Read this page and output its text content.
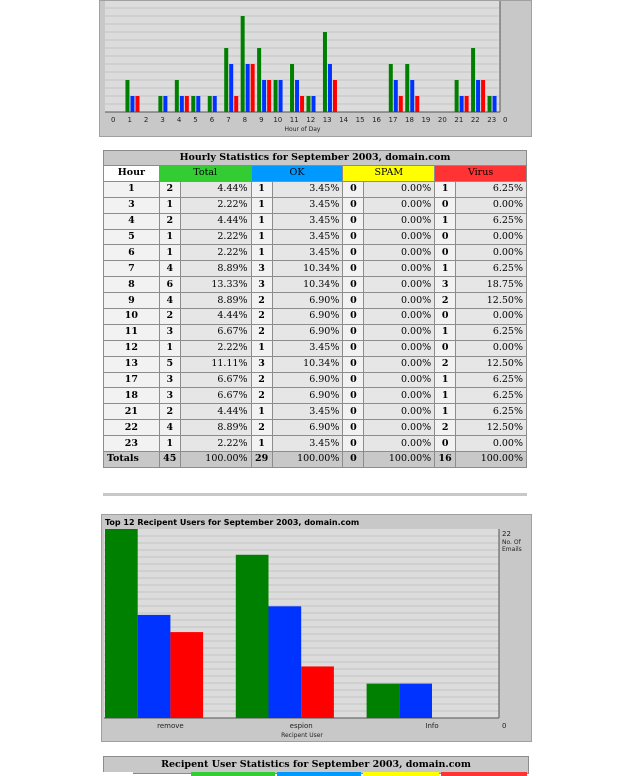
0 1 2 3 4 5 6 7 8 9 10 11 12 13 14 15 16 17 18 19 20 21 22 23 0
Hour of Day
Hourly Statistics for September 2003, domain.com								
Hour	Total		OK		SPAM		Virus	
1	2	4.44%	1	3.45%	0	0.00%	1	6.25%
3	1	2.22%	1	3.45%	0	0.00%	0	0.00%
4	2	4.44%	1	3.45%	0	0.00%	1	6.25%
5	1	2.22%	1	3.45%	0	0.00%	0	0.00%
6	1	2.22%	1	3.45%	0	0.00%	0	0.00%
7	4	8.89%	3	10.34%	0	0.00%	1	6.25%
8	6	13.33%	3	10.34%	0	0.00%	3	18.75%
9	4	8.89%	2	6.90%	0	0.00%	2	12.50%
10	2	4.44%	2	6.90%	0	0.00%	0	0.00%
11	3	6.67%	2	6.90%	0	0.00%	1	6.25%
12	1	2.22%	1	3.45%	0	0.00%	0	0.00%
13	5	11.11%	3	10.34%	0	0.00%	2	12.50%
17	3	6.67%	2	6.90%	0	0.00%	1	6.25%
18	3	6.67%	2	6.90%	0	0.00%	1	6.25%
21	2	4.44%	1	3.45%	0	0.00%	1	6.25%
22	4	8.89%	2	6.90%	0	0.00%	2	12.50%
23	1	2.22%	1	3.45%	0	0.00%	0	0.00%
Totals	45	100.00%	29	100.00%	0	100.00%	16	100.00%
Top 12 Recipent Users for September 2003, domain.com
remove	espion	Info
Recipent User
22
0
No. Of
Emails
Recipent User Statistics for September 2003, domain.com
